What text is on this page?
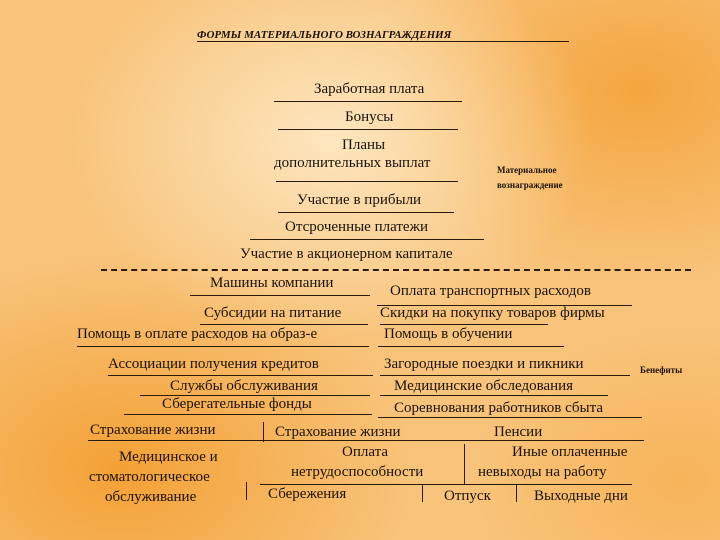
ФОРМЫ МАТЕРИАЛЬНОГО ВОЗНАГРАЖДЕНИЯ
Заработная плата
Бонусы
Планы
дополнительных выплат	Материальное
вознаграждение
Участие в прибыли
Отсроченные платежи
Участие в акционерном капитале
Машины компании	Оплата транспортных расходов
Субсидии на питание	Скидки на покупку товаров фирмы
Помощь в оплате расходов на образ-е	Помощь в обучении
Ассоциации получения кредитов	Загородные поездки и пикники	Бенефиты
Службы обслуживания	Медицинские обследования
Сберегательные фонды	Соревнования работников сбыта
Страхование жизни	Страхование жизни	Пенсии
Медицинское и
стоматологическое
обслуживание
Оплата
нетрудоспособности
Иные оплаченные
невыходы на работу
Сбережения	Отпуск	Выходные дни
